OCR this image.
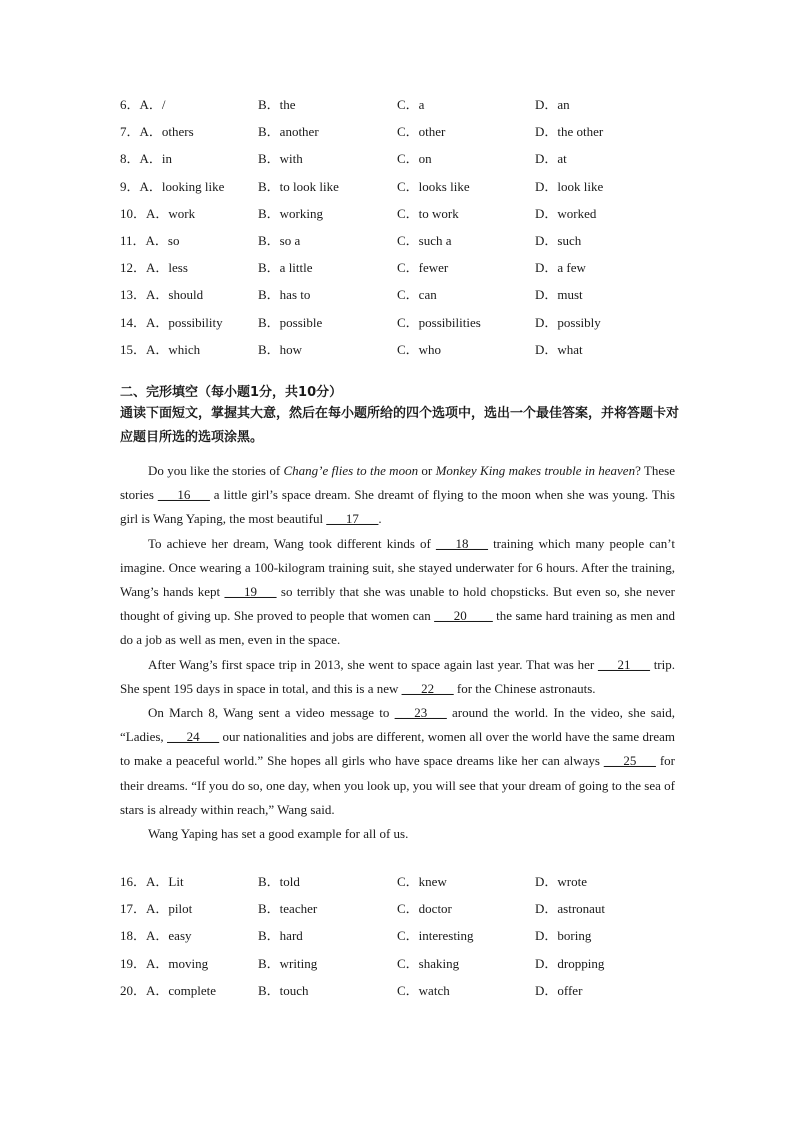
6．A．/	B．the	C．a	D．an
7．A．others	B．another	C．other	D．the other
8．A．in	B．with	C．on	D．at
9．A．looking like	B．to look like	C．looks like	D．look like
10．A．work	B．working	C．to work	D．worked
11．A．so	B．so a	C．such a	D．such
12．A．less	B．a little	C．fewer	D．a few
13．A．should	B．has to	C．can	D．must
14．A．possibility	B．possible	C．possibilities	D．possibly
15．A．which	B．how	C．who	D．what
二、完形填空（每小题1分，共10分）
通读下面短文，掌握其大意，然后在每小题所给的四个选项中，选出一个最佳答案，并将答题卡对应题目所选的选项涂黑。

Do you like the stories of Chang’e flies to the moon or Monkey King makes trouble in heaven? These stories ___16___ a little girl’s space dream. She dreamt of flying to the moon when she was young. This girl is Wang Yaping, the most beautiful ___17___.

To achieve her dream, Wang took different kinds of ___18___ training which many people can’t imagine. Once wearing a 100-kilogram training suit, she stayed underwater for 6 hours. After the training, Wang’s hands kept ___19___ so terribly that she was unable to hold chopsticks. But even so, she never thought of giving up. She proved to people that women can ___20____ the same hard training as men and do a job as well as men, even in the space.

After Wang’s first space trip in 2013, she went to space again last year. That was her ___21___ trip. She spent 195 days in space in total, and this is a new ___22___ for the Chinese astronauts.

On March 8, Wang sent a video message to ___23___ around the world. In the video, she said, “Ladies, ___24___ our nationalities and jobs are different, women all over the world have the same dream to make a peaceful world.” She hopes all girls who have space dreams like her can always ___25___ for their dreams. “If you do so, one day, when you look up, you will see that your dream of going to the sea of stars is already within reach,” Wang said.

Wang Yaping has set a good example for all of us.

16．A．Lit	B．told	C．knew	D．wrote
17．A．pilot	B．teacher	C．doctor	D．astronaut
18．A．easy	B．hard	C．interesting	D．boring
19．A．moving	B．writing	C．shaking	D．dropping
20．A．complete	B．touch	C．watch	D．offer
